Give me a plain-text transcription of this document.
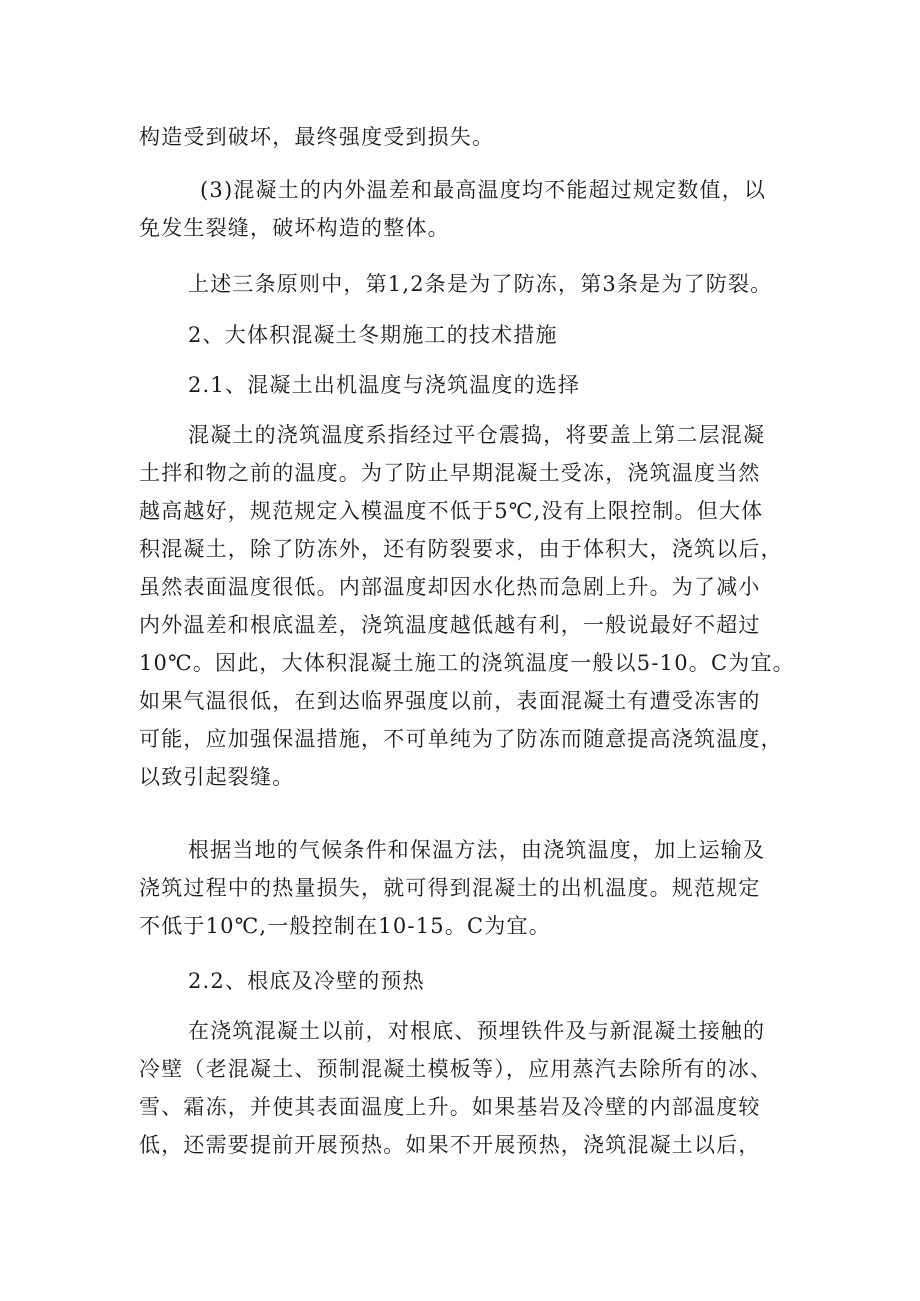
构造受到破坏，最终强度受到损失。
(3)混凝土的内外温差和最高温度均不能超过规定数值，以
免发生裂缝，破坏构造的整体。
上述三条原则中，第1,2条是为了防冻，第3条是为了防裂。
2、大体积混凝土冬期施工的技术措施
2.1、混凝土出机温度与浇筑温度的选择
混凝土的浇筑温度系指经过平仓震捣，将要盖上第二层混凝
土拌和物之前的温度。为了防止早期混凝土受冻，浇筑温度当然
越高越好，规范规定入模温度不低于5℃,没有上限控制。但大体
积混凝土，除了防冻外，还有防裂要求，由于体积大，浇筑以后，
虽然表面温度很低。内部温度却因水化热而急剧上升。为了减小
内外温差和根底温差，浇筑温度越低越有利，一般说最好不超过
10℃。因此，大体积混凝土施工的浇筑温度一般以5-10。C为宜。
如果气温很低，在到达临界强度以前，表面混凝土有遭受冻害的
可能，应加强保温措施，不可单纯为了防冻而随意提高浇筑温度，
以致引起裂缝。
根据当地的气候条件和保温方法，由浇筑温度，加上运输及
浇筑过程中的热量损失，就可得到混凝土的出机温度。规范规定
不低于10℃,一般控制在10-15。C为宜。
2.2、根底及冷壁的预热
在浇筑混凝土以前，对根底、预埋铁件及与新混凝土接触的
冷壁（老混凝土、预制混凝土模板等），应用蒸汽去除所有的冰、
雪、霜冻，并使其表面温度上升。如果基岩及冷壁的内部温度较
低，还需要提前开展预热。如果不开展预热，浇筑混凝土以后，
